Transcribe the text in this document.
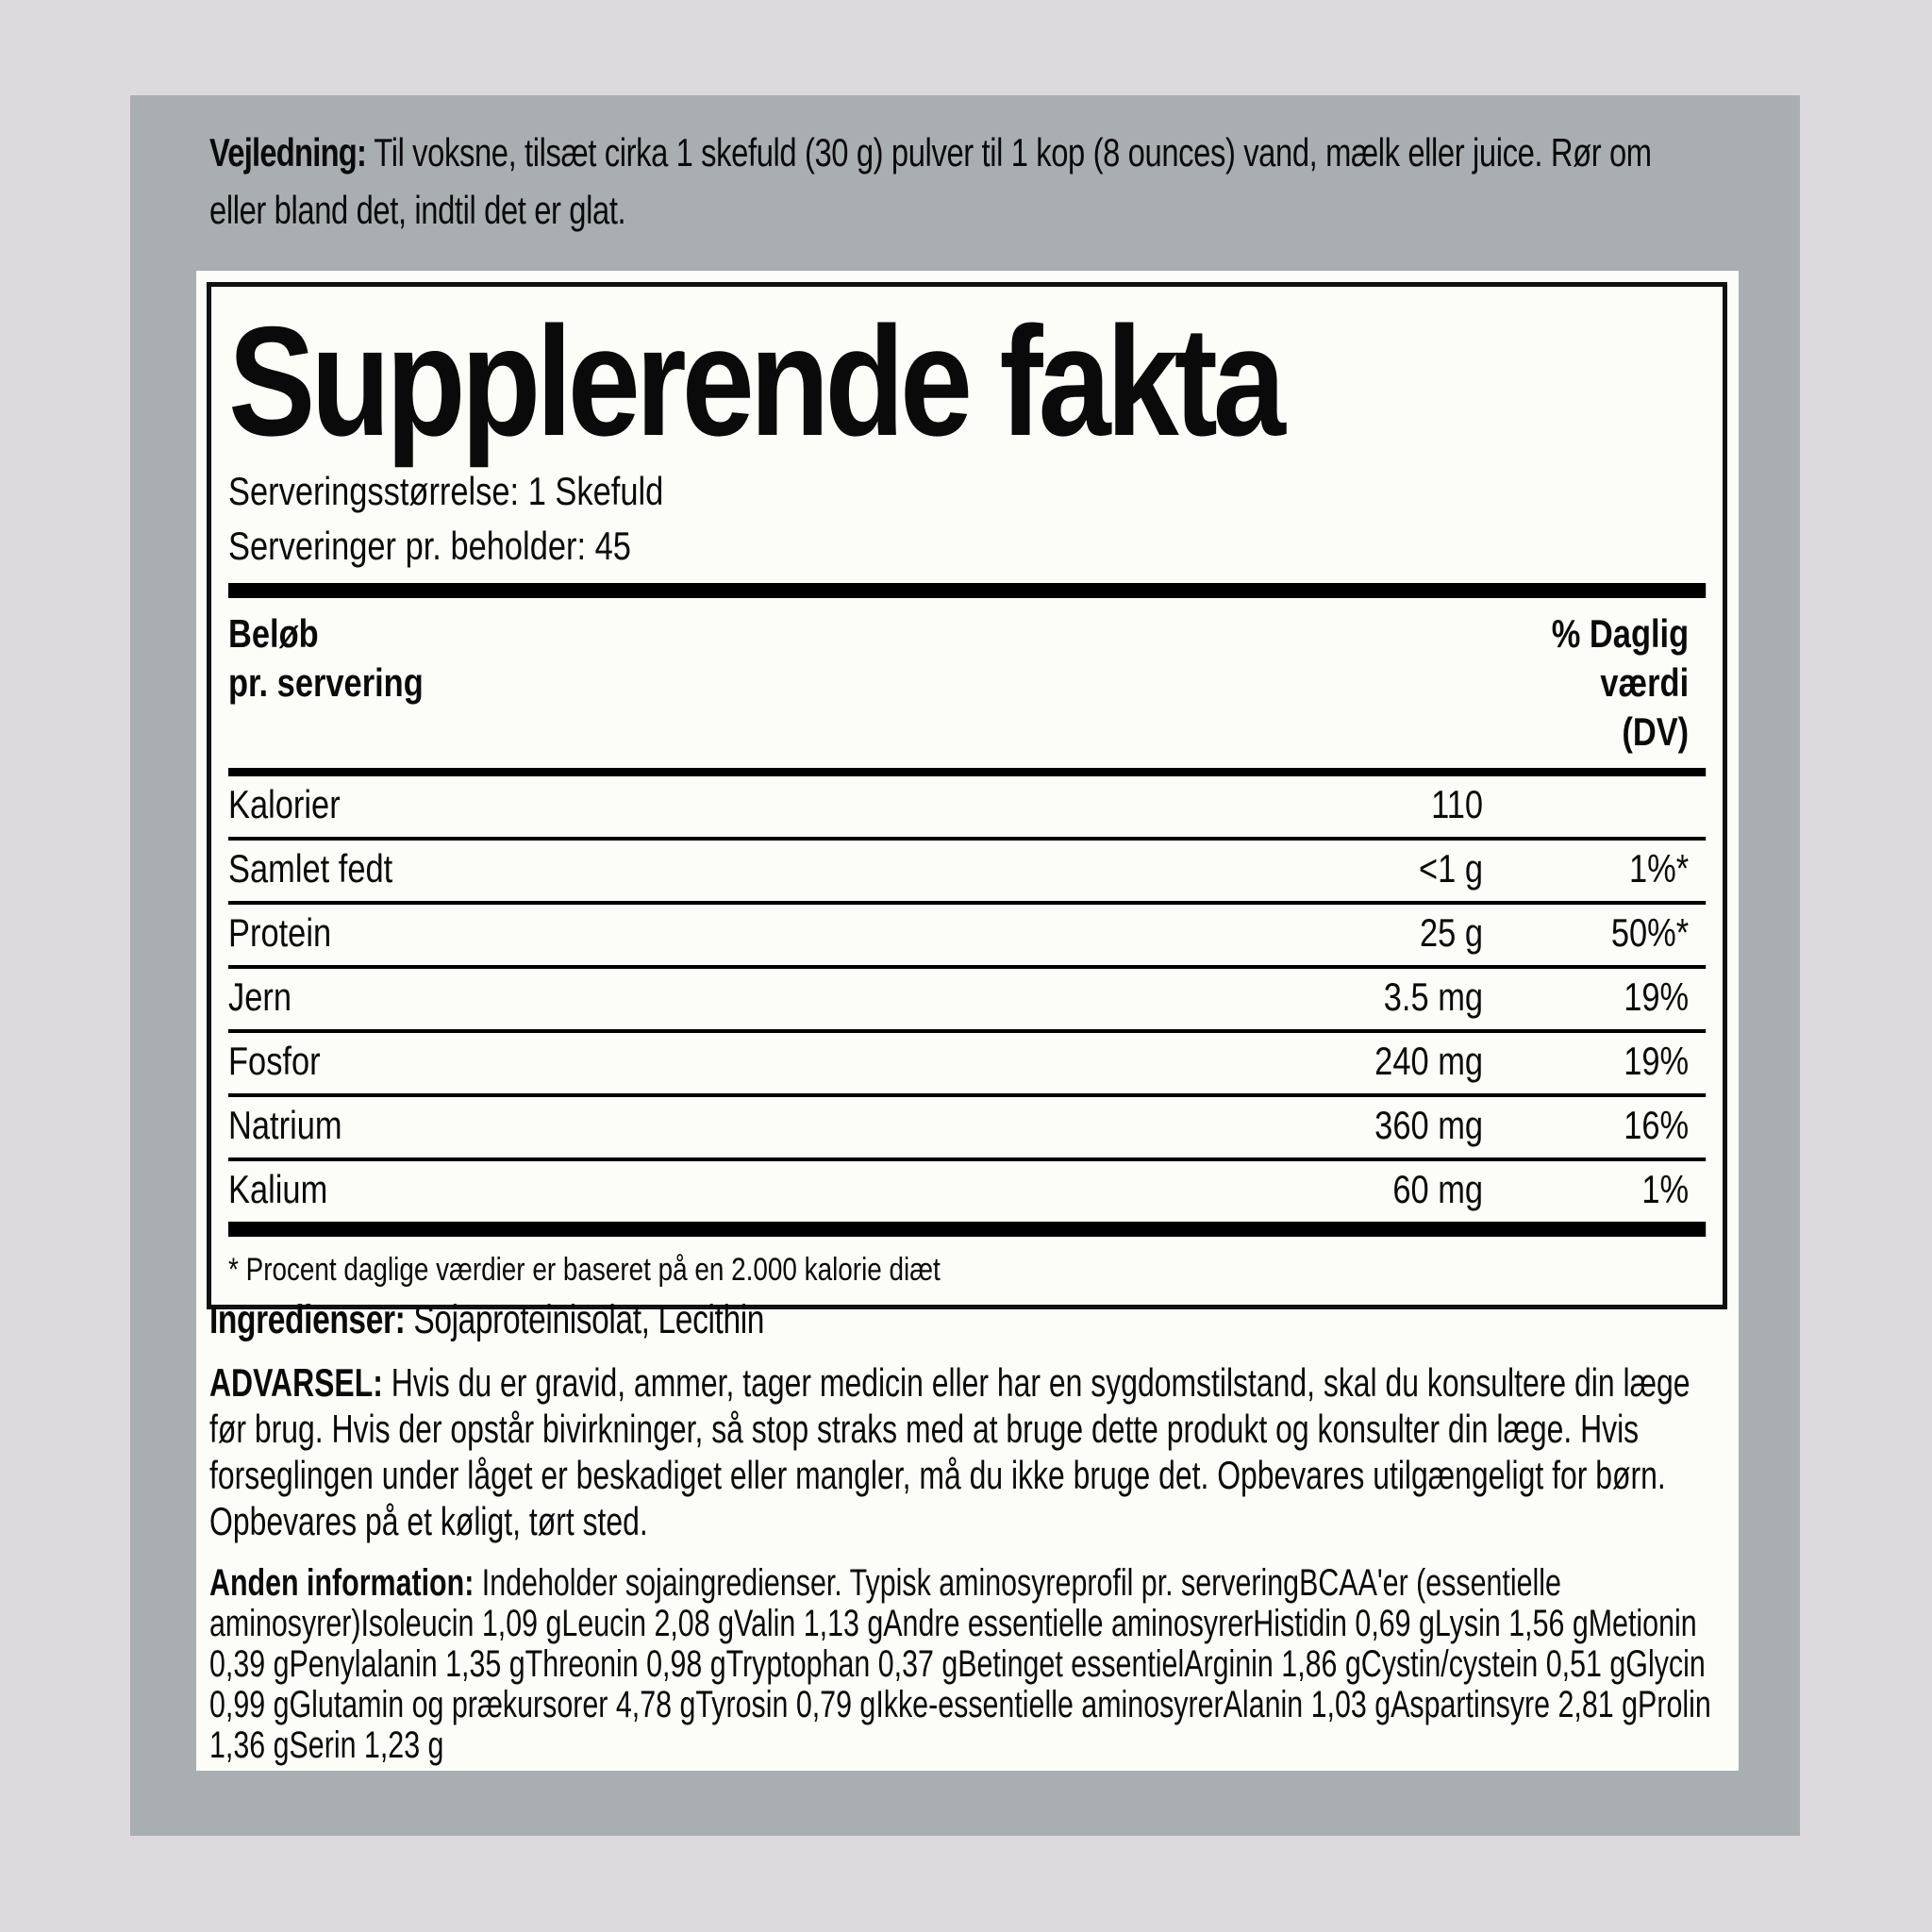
Vejledning: Til voksne, tilsæt cirka 1 skefuld (30 g) pulver til 1 kop (8 ounces) vand, mælk eller juice. Rør om eller bland det, indtil det er glat.
Supplerende fakta
Serveringsstørrelse: 1 Skefuld
Serveringer pr. beholder: 45
Beløb
pr. servering
% Daglig
værdi
(DV)
Kalorier	110
Samlet fedt	<1 g	1%*
Protein	25 g	50%*
Jern	3.5 mg	19%
Fosfor	240 mg	19%
Natrium	360 mg	16%
Kalium	60 mg	1%
* Procent daglige værdier er baseret på en 2.000 kalorie diæt
Ingredienser: Sojaproteinisolat, Lecithin
ADVARSEL: Hvis du er gravid, ammer, tager medicin eller har en sygdomstilstand, skal du konsultere din læge før brug. Hvis der opstår bivirkninger, så stop straks med at bruge dette produkt og konsulter din læge. Hvis forseglingen under låget er beskadiget eller mangler, må du ikke bruge det. Opbevares utilgængeligt for børn. Opbevares på et køligt, tørt sted.
Anden information: Indeholder sojaingredienser. Typisk aminosyreprofil pr. serveringBCAA'er (essentielle aminosyrer)Isoleucin 1,09 gLeucin 2,08 gValin 1,13 gAndre essentielle aminosyrerHistidin 0,69 gLysin 1,56 gMetionin 0,39 gPenylalanin 1,35 gThreonin 0,98 gTryptophan 0,37 gBetinget essentielArginin 1,86 gCystin/cystein 0,51 gGlycin 0,99 gGlutamin og prækursorer 4,78 gTyrosin 0,79 gIkke-essentielle aminosyrerAlanin 1,03 gAspartinsyre 2,81 gProlin 1,36 gSerin 1,23 g
